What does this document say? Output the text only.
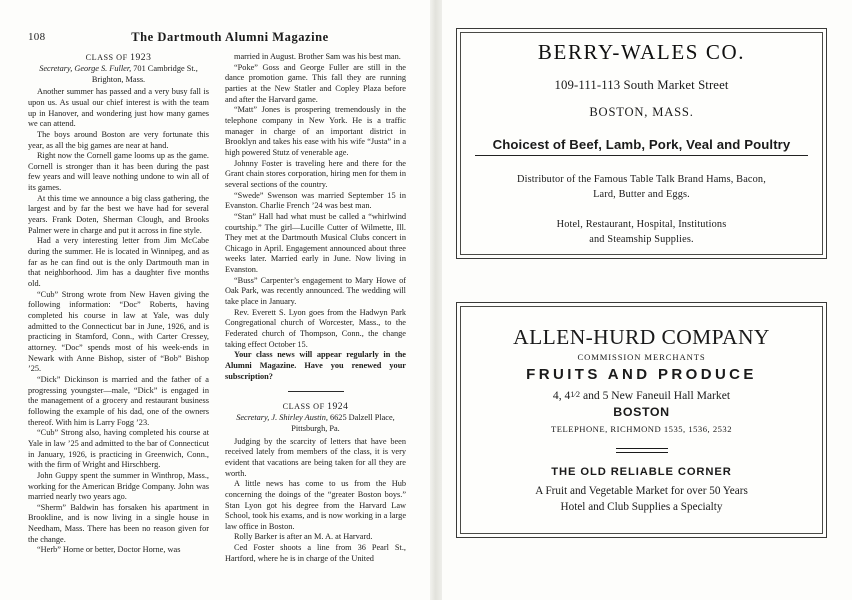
108	The Dartmouth Alumni Magazine
CLASS OF 1923
Secretary, George S. Fuller, 701 Cambridge St., Brighton, Mass.

Another summer has passed and a very busy fall is upon us. As usual our chief interest is with the team up in Hanover, and wondering just how many games we can attend.

The boys around Boston are very fortunate this year, as all the big games are near at hand.

Right now the Cornell game looms up as the game. Cornell is stronger than it has been during the past few years and will leave nothing undone to win all of its games.

At this time we announce a big class gathering, the largest and by far the best we have had for several years. Frank Doten, Sherman Clough, and Brooks Palmer were in charge and put it across in fine style.

Had a very interesting letter from Jim McCabe during the summer. He is located in Winnipeg, and as far as he can find out is the only Dartmouth man in that neighborhood. Jim has a daughter five months old.

“Cub” Strong wrote from New Haven giving the following information: “Doc” Roberts, having completed his course in law at Yale, was duly admitted to the Connecticut bar in June, 1926, and is practicing in Stamford, Conn., with Carter Cressey, attorney. “Doc” spends most of his week-ends in Newark with Anne Bishop, sister of “Bob” Bishop ’25.

“Dick” Dickinson is married and the father of a progressing youngster—male, “Dick” is engaged in the management of a grocery and restaurant business following the example of his dad, one of the owners thereof. With him is Larry Fogg ’23.

“Cub” Strong also, having completed his course at Yale in law ’25 and admitted to the bar of Connecticut in January, 1926, is practicing in Greenwich, Conn., with the firm of Wright and Hirschberg.

John Guppy spent the summer in Winthrop, Mass., working for the American Bridge Company. John was married nearly two years ago.

“Sherm” Baldwin has forsaken his apartment in Brookline, and is now living in a single house in Needham, Mass. There has been no reason given for the change.

“Herb” Horne or better, Doctor Horne, was

married in August. Brother Sam was his best man.

“Poke” Goss and George Fuller are still in the dance promotion game. This fall they are running parties at the New Statler and Copley Plaza before and after the Harvard game.

“Matt” Jones is prospering tremendously in the telephone company in New York. He is a traffic manager in charge of an important district in Brooklyn and takes his ease with his wife “Justa” in a high powered Stutz of venerable age.

Johnny Foster is traveling here and there for the Grant chain stores corporation, hiring men for them in several sections of the country.

“Swede” Swenson was married September 15 in Evanston. Charlie French ’24 was best man.

“Stan” Hall had what must be called a “whirlwind courtship.” The girl—Lucille Cutter of Wilmette, Ill. They met at the Dartmouth Musical Clubs concert in Chicago in April. Engagement announced about three weeks later. Married early in June. Now living in Evanston.

“Buss” Carpenter’s engagement to Mary Howe of Oak Park, was recently announced. The wedding will take place in January.

Rev. Everett S. Lyon goes from the Hadwyn Park Congregational church of Worcester, Mass., to the Federated church of Thompson, Conn., the change taking effect October 15.

Your class news will appear regularly in the Alumni Magazine. Have you renewed your subscription?

CLASS OF 1924
Secretary, J. Shirley Austin, 6625 Dalzell Place, Pittsburgh, Pa.

Judging by the scarcity of letters that have been received lately from members of the class, it is very evident that vacations are being taken for all they are worth.

A little news has come to us from the Hub concerning the doings of the “greater Boston boys.” Stan Lyon got his degree from the Harvard Law School, took his exams, and is now working in a large law office in Boston.

Rolly Barker is after an M. A. at Harvard.

Ced Foster shoots a line from 36 Pearl St., Hartford, where he is in charge of the United

BERRY-WALES CO.
109-111-113 South Market Street
BOSTON, MASS.
Choicest of Beef, Lamb, Pork, Veal and Poultry
Distributor of the Famous Table Talk Brand Hams, Bacon,
Lard, Butter and Eggs.
Hotel, Restaurant, Hospital, Institutions
and Steamship Supplies.
ALLEN-HURD COMPANY
COMMISSION MERCHANTS
FRUITS AND PRODUCE
4, $4^{1⁄2}$ and 5 New Faneuil Hall Market
BOSTON
TELEPHONE, RICHMOND 1535, 1536, 2532
THE OLD RELIABLE CORNER
A Fruit and Vegetable Market for over 50 Years
Hotel and Club Supplies a Specialty
